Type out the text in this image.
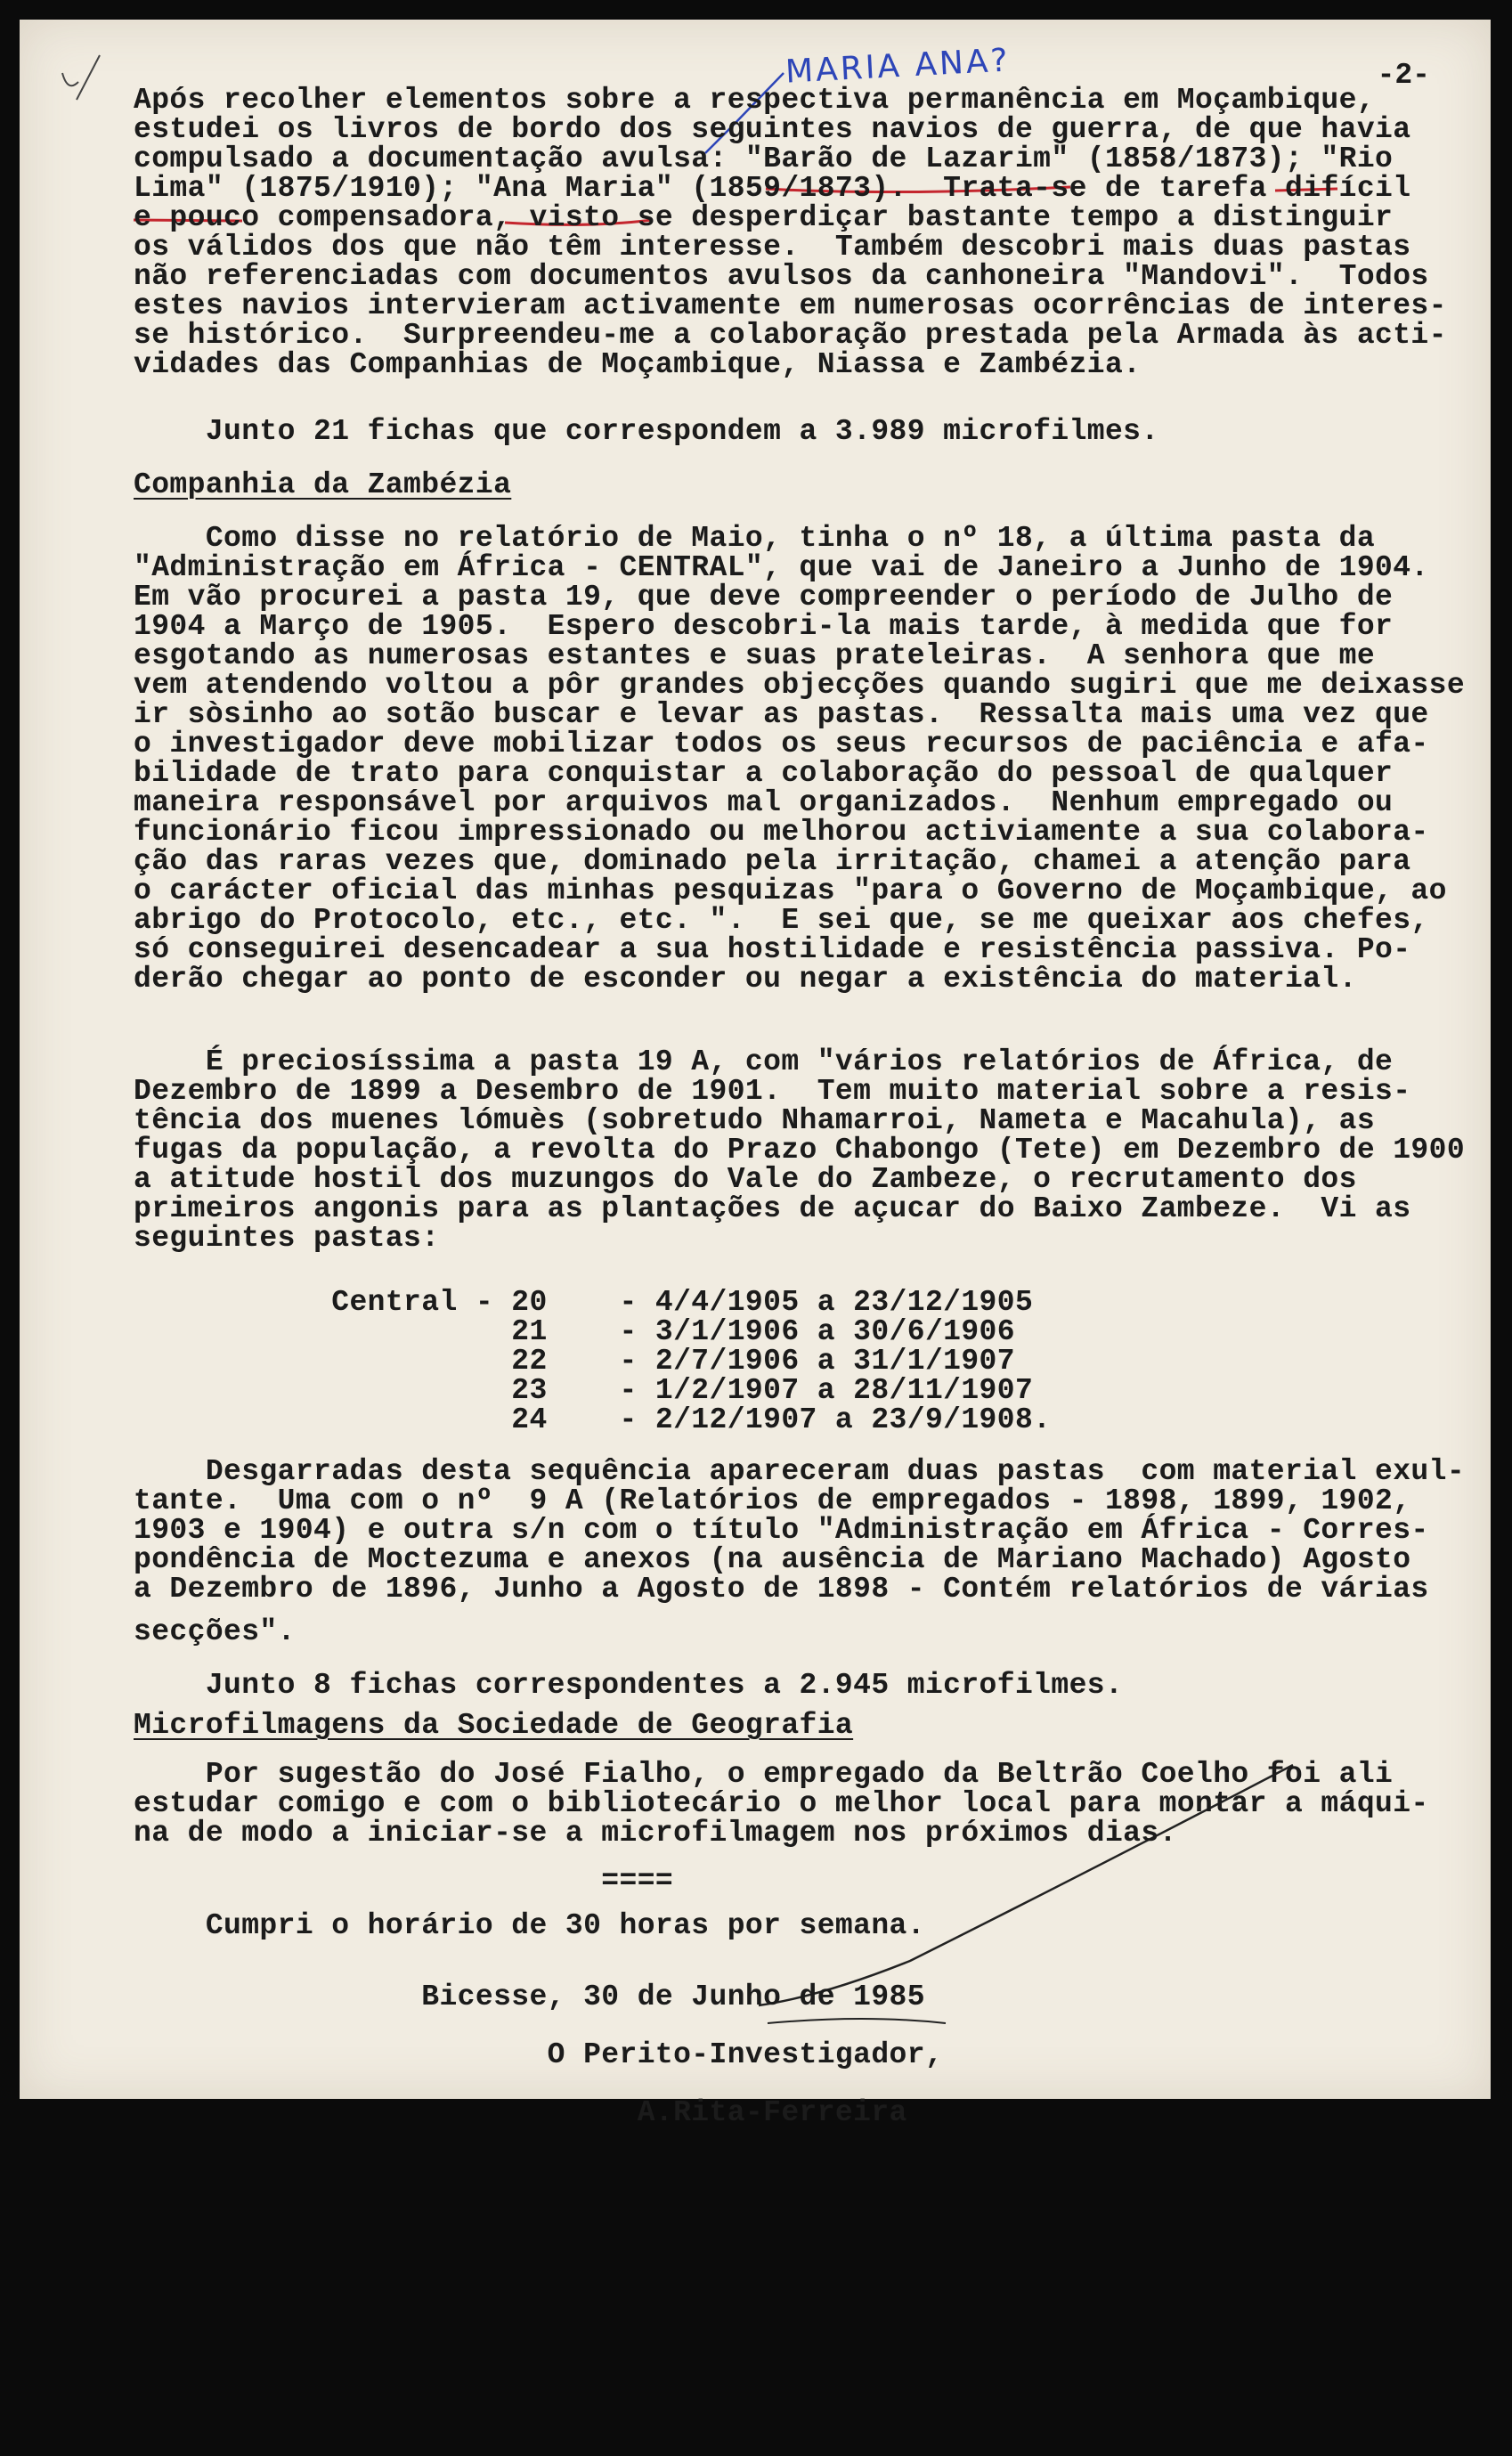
-2-
MARIA ANA?

Após recolher elementos sobre a respectiva permanência em Moçambique,

estudei os livros de bordo dos seguintes navios de guerra, de que havia

compulsado a documentação avulsa: "Barão de Lazarim" (1858/1873); "Rio

Lima" (1875/1910); "Ana Maria" (1859/1873).  Trata-se de tarefa difícil

e pouco compensadora, visto se desperdiçar bastante tempo a distinguir

os válidos dos que não têm interesse.  Também descobri mais duas pastas

não referenciadas com documentos avulsos da canhoneira "Mandovi".  Todos

estes navios intervieram activamente em numerosas ocorrências de interes-

se histórico.  Surpreendeu-me a colaboração prestada pela Armada às acti-

vidades das Companhias de Moçambique, Niassa e Zambézia.

Junto 21 fichas que correspondem a 3.989 microfilmes.

Companhia da Zambézia

Como disse no relatório de Maio, tinha o nº 18, a última pasta da

"Administração em África - CENTRAL", que vai de Janeiro a Junho de 1904.

Em vão procurei a pasta 19, que deve compreender o período de Julho de

1904 a Março de 1905.  Espero descobri-la mais tarde, à medida que for

esgotando as numerosas estantes e suas prateleiras.  A senhora que me

vem atendendo voltou a pôr grandes objecções quando sugiri que me deixasse

ir sòsinho ao sotão buscar e levar as pastas.  Ressalta mais uma vez que

o investigador deve mobilizar todos os seus recursos de paciência e afa-

bilidade de trato para conquistar a colaboração do pessoal de qualquer

maneira responsável por arquivos mal organizados.  Nenhum empregado ou

funcionário ficou impressionado ou melhorou activiamente a sua colabora-

ção das raras vezes que, dominado pela irritação, chamei a atenção para

o carácter oficial das minhas pesquizas "para o Governo de Moçambique, ao

abrigo do Protocolo, etc., etc. ".  E sei que, se me queixar aos chefes,

só conseguirei desencadear a sua hostilidade e resistência passiva. Po-

derão chegar ao ponto de esconder ou negar a existência do material.

É preciosíssima a pasta 19 A, com "vários relatórios de África, de

Dezembro de 1899 a Desembro de 1901.  Tem muito material sobre a resis-

tência dos muenes lómuès (sobretudo Nhamarroi, Nameta e Macahula), as

fugas da população, a revolta do Prazo Chabongo (Tete) em Dezembro de 1900

a atitude hostil dos muzungos do Vale do Zambeze, o recrutamento dos

primeiros angonis para as plantações de açucar do Baixo Zambeze.  Vi as

seguintes pastas:

Central - 20    - 4/4/1905 a 23/12/1905

21    - 3/1/1906 a 30/6/1906

22    - 2/7/1906 a 31/1/1907

23    - 1/2/1907 a 28/11/1907

24    - 2/12/1907 a 23/9/1908.

Desgarradas desta sequência apareceram duas pastas  com material exul-

tante.  Uma com o nº  9 A (Relatórios de empregados - 1898, 1899, 1902,

1903 e 1904) e outra s/n com o título "Administração em África - Corres-

pondência de Moctezuma e anexos (na ausência de Mariano Machado) Agosto

a Dezembro de 1896, Junho a Agosto de 1898 - Contém relatórios de várias

secções".

Junto 8 fichas correspondentes a 2.945 microfilmes.

Microfilmagens da Sociedade de Geografia

Por sugestão do José Fialho, o empregado da Beltrão Coelho foi ali

estudar comigo e com o bibliotecário o melhor local para montar a máqui-

na de modo a iniciar-se a microfilmagem nos próximos dias.

====

Cumpri o horário de 30 horas por semana.

Bicesse, 30 de Junho de 1985

O Perito-Investigador,

A.Rita-Ferreira
